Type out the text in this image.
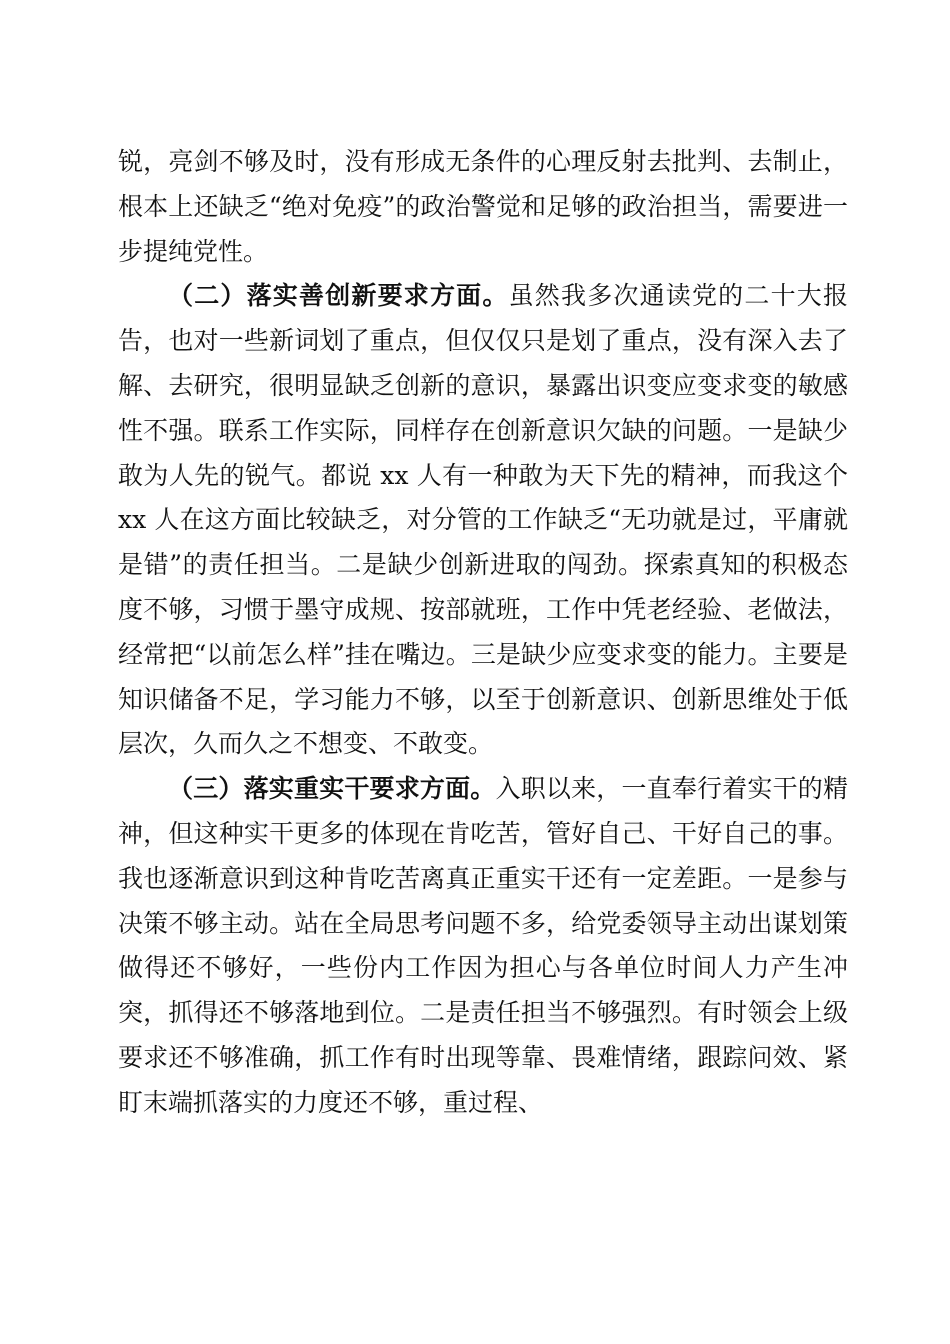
锐，亮剑不够及时，没有形成无条件的心理反射去批判、去制止，根本上还缺乏“绝对免疫”的政治警觉和足够的政治担当，需要进一步提纯党性。

（二）落实善创新要求方面。虽然我多次通读党的二十大报告，也对一些新词划了重点，但仅仅只是划了重点，没有深入去了解、去研究，很明显缺乏创新的意识，暴露出识变应变求变的敏感性不强。联系工作实际，同样存在创新意识欠缺的问题。一是缺少敢为人先的锐气。都说 xx 人有一种敢为天下先的精神，而我这个 xx 人在这方面比较缺乏，对分管的工作缺乏“无功就是过，平庸就是错”的责任担当。二是缺少创新进取的闯劲。探索真知的积极态度不够，习惯于墨守成规、按部就班，工作中凭老经验、老做法，经常把“以前怎么样”挂在嘴边。三是缺少应变求变的能力。主要是知识储备不足，学习能力不够，以至于创新意识、创新思维处于低层次，久而久之不想变、不敢变。

（三）落实重实干要求方面。入职以来，一直奉行着实干的精神，但这种实干更多的体现在肯吃苦，管好自己、干好自己的事。我也逐渐意识到这种肯吃苦离真正重实干还有一定差距。一是参与决策不够主动。站在全局思考问题不多，给党委领导主动出谋划策做得还不够好，一些份内工作因为担心与各单位时间人力产生冲突，抓得还不够落地到位。二是责任担当不够强烈。有时领会上级要求还不够准确，抓工作有时出现等靠、畏难情绪，跟踪问效、紧盯末端抓落实的力度还不够，重过程、
